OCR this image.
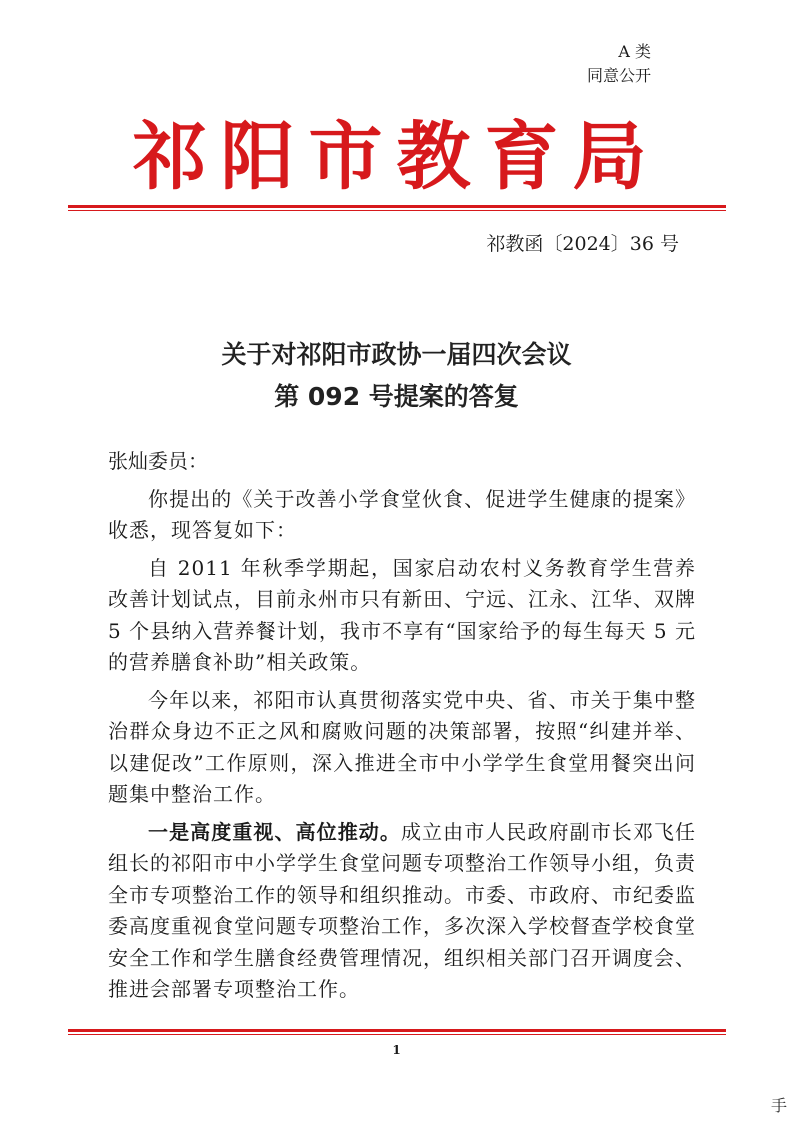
A 类
同意公开
祁阳市教育局
祁教函〔2024〕36 号
关于对祁阳市政协一届四次会议
第 092 号提案的答复
张灿委员：
你提出的《关于改善小学食堂伙食、促进学生健康的提案》收悉，现答复如下：
自 2011 年秋季学期起，国家启动农村义务教育学生营养改善计划试点，目前永州市只有新田、宁远、江永、江华、双牌 5 个县纳入营养餐计划，我市不享有“国家给予的每生每天 5 元的营养膳食补助”相关政策。
今年以来，祁阳市认真贯彻落实党中央、省、市关于集中整治群众身边不正之风和腐败问题的决策部署，按照“纠建并举、以建促改”工作原则，深入推进全市中小学学生食堂用餐突出问题集中整治工作。
一是高度重视、高位推动。成立由市人民政府副市长邓飞任组长的祁阳市中小学学生食堂问题专项整治工作领导小组，负责全市专项整治工作的领导和组织推动。市委、市政府、市纪委监委高度重视食堂问题专项整治工作，多次深入学校督查学校食堂安全工作和学生膳食经费管理情况，组织相关部门召开调度会、推进会部署专项整治工作。
1
手
